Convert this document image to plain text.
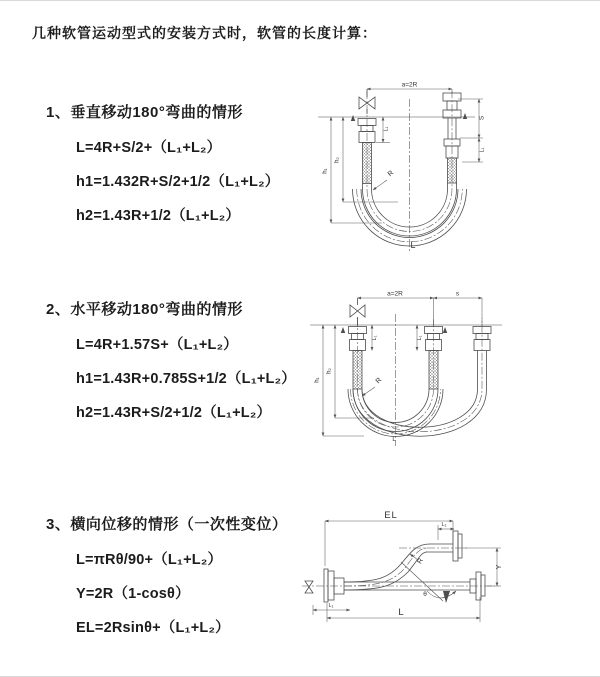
几种软管运动型式的安装方式时，软管的长度计算：
1、垂直移动180°弯曲的情形
L=4R+S/2+（L₁+L₂）
h1=1.432R+S/2+1/2（L₁+L₂）
h2=1.43R+1/2（L₁+L₂）
2、水平移动180°弯曲的情形
L=4R+1.57S+（L₁+L₂）
h1=1.43R+0.785S+1/2（L₁+L₂）
h2=1.43R+S/2+1/2（L₁+L₂）
3、横向位移的情形（一次性变位）
L=πRθ/90+（L₁+L₂）
Y=2R（1-cosθ）
EL=2Rsinθ+（L₁+L₂）
a=2R
S
L₁
L₁
h₁
h₂
R
L
a=2R	s
h₁
h₂
L₁	L₁
R
L
EL
L₁
Y
R
θ
L
L₁
